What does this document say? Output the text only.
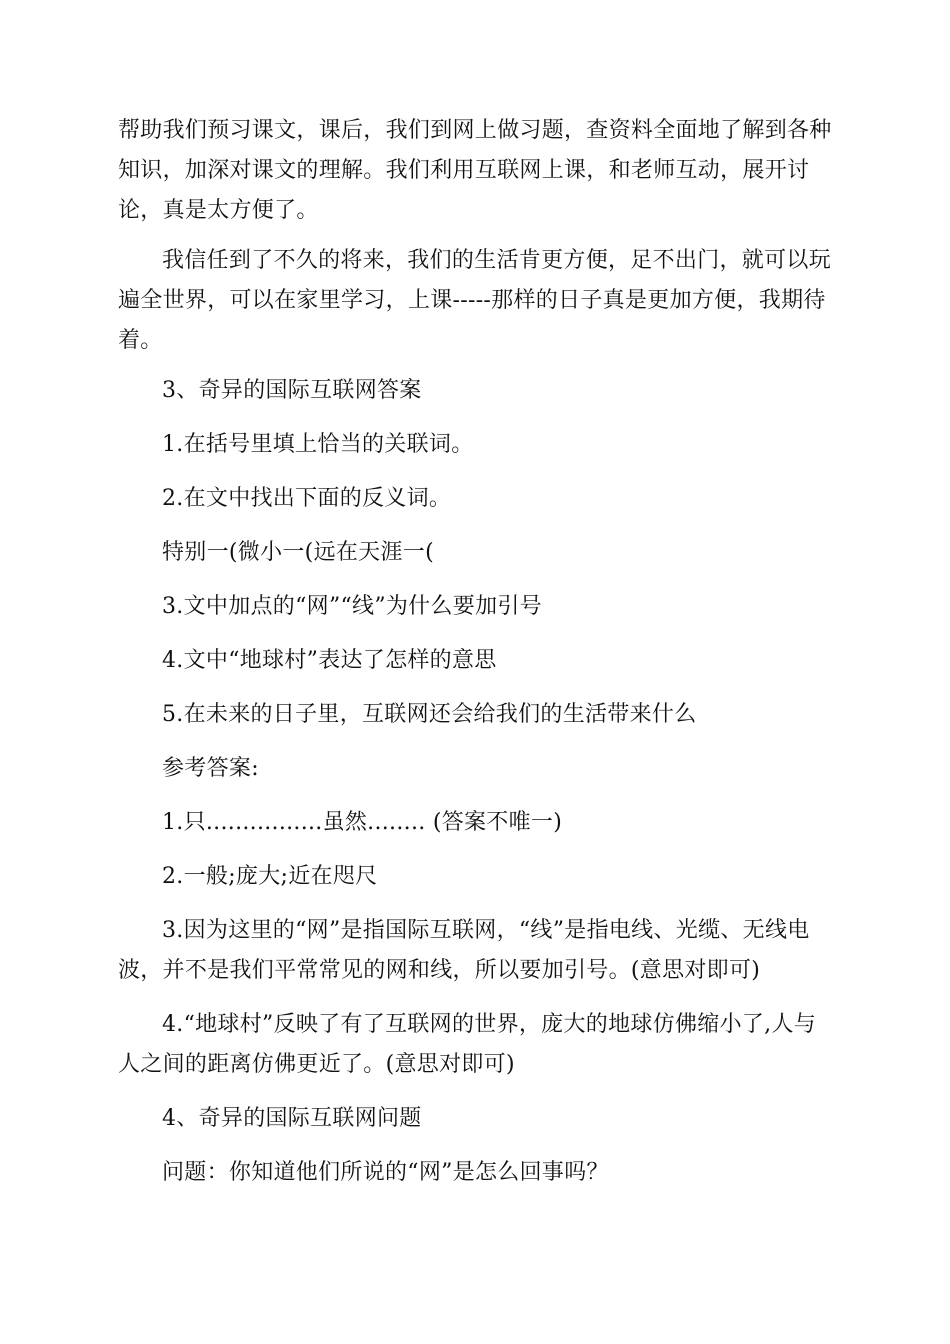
帮助我们预习课文，课后，我们到网上做习题，查资料全面地了解到各种知识，加深对课文的理解。我们利用互联网上课，和老师互动，展开讨论，真是太方便了。

我信任到了不久的将来，我们的生活肯更方便，足不出门，就可以玩遍全世界，可以在家里学习，上课-----那样的日子真是更加方便，我期待着。

3、奇异的国际互联网答案

1.在括号里填上恰当的关联词。

2.在文中找出下面的反义词。

特别一(微小一(远在天涯一(

3.文中加点的“网”“线”为什么要加引号

4.文中“地球村”表达了怎样的意思

5.在未来的日子里，互联网还会给我们的生活带来什么

参考答案:

1.只................虽然........ (答案不唯一)

2.一般;庞大;近在咫尺

3.因为这里的“网”是指国际互联网，“线”是指电线、光缆、无线电波，并不是我们平常常见的网和线，所以要加引号。(意思对即可)

4.“地球村”反映了有了互联网的世界，庞大的地球仿佛缩小了,人与人之间的距离仿佛更近了。(意思对即可)

4、奇异的国际互联网问题

问题：你知道他们所说的“网”是怎么回事吗？
